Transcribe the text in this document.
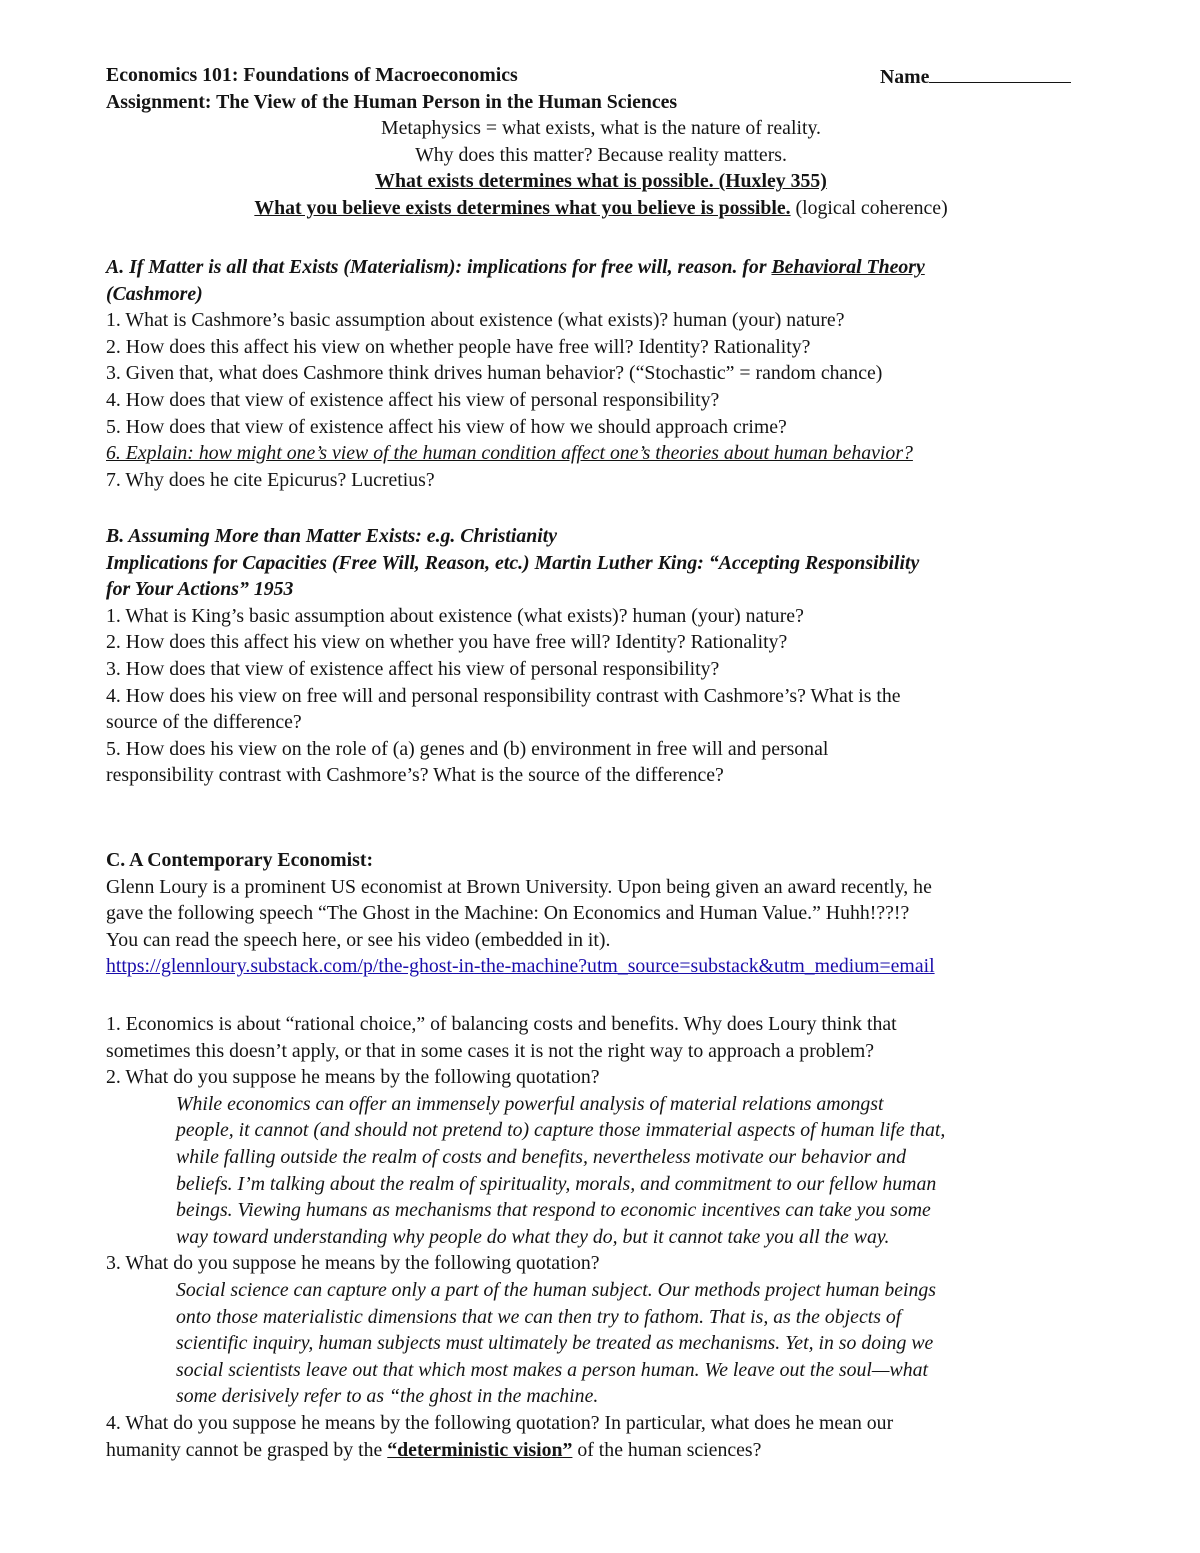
Economics 101: Foundations of Macroeconomics
Assignment: The View of the Human Person in the Human Sciences
Metaphysics = what exists, what is the nature of reality.
Why does this matter? Because reality matters.
What exists determines what is possible. (Huxley 355)
What you believe exists determines what you believe is possible. (logical coherence)
Name
A. If Matter is all that Exists (Materialism): implications for free will, reason. for Behavioral Theory
(Cashmore)
1. What is Cashmore’s basic assumption about existence (what exists)? human (your) nature?
2. How does this affect his view on whether people have free will? Identity? Rationality?
3. Given that, what does Cashmore think drives human behavior? (“Stochastic” = random chance)
4. How does that view of existence affect his view of personal responsibility?
5. How does that view of existence affect his view of how we should approach crime?
6. Explain: how might one’s view of the human condition affect one’s theories about human behavior?
7. Why does he cite Epicurus? Lucretius?
B. Assuming More than Matter Exists: e.g. Christianity
Implications for Capacities (Free Will, Reason, etc.) Martin Luther King: “Accepting Responsibility
for Your Actions” 1953
1. What is King’s basic assumption about existence (what exists)? human (your) nature?
2. How does this affect his view on whether you have free will? Identity? Rationality?
3. How does that view of existence affect his view of personal responsibility?
4. How does his view on free will and personal responsibility contrast with Cashmore’s? What is the
source of the difference?
5. How does his view on the role of (a) genes and (b) environment in free will and personal
responsibility contrast with Cashmore’s? What is the source of the difference?
C. A Contemporary Economist:
Glenn Loury is a prominent US economist at Brown University. Upon being given an award recently, he
gave the following speech “The Ghost in the Machine: On Economics and Human Value.” Huhh!??!?
You can read the speech here, or see his video (embedded in it).
https://glennloury.substack.com/p/the-ghost-in-the-machine?utm_source=substack&utm_medium=email
1. Economics is about “rational choice,” of balancing costs and benefits. Why does Loury think that
sometimes this doesn’t apply, or that in some cases it is not the right way to approach a problem?
2. What do you suppose he means by the following quotation?
While economics can offer an immensely powerful analysis of material relations amongst
people, it cannot (and should not pretend to) capture those immaterial aspects of human life that,
while falling outside the realm of costs and benefits, nevertheless motivate our behavior and
beliefs. I’m talking about the realm of spirituality, morals, and commitment to our fellow human
beings. Viewing humans as mechanisms that respond to economic incentives can take you some
way toward understanding why people do what they do, but it cannot take you all the way.
3. What do you suppose he means by the following quotation?
Social science can capture only a part of the human subject. Our methods project human beings
onto those materialistic dimensions that we can then try to fathom. That is, as the objects of
scientific inquiry, human subjects must ultimately be treated as mechanisms. Yet, in so doing we
social scientists leave out that which most makes a person human. We leave out the soul—what
some derisively refer to as “the ghost in the machine.
4. What do you suppose he means by the following quotation? In particular, what does he mean our
humanity cannot be grasped by the “deterministic vision” of the human sciences?
